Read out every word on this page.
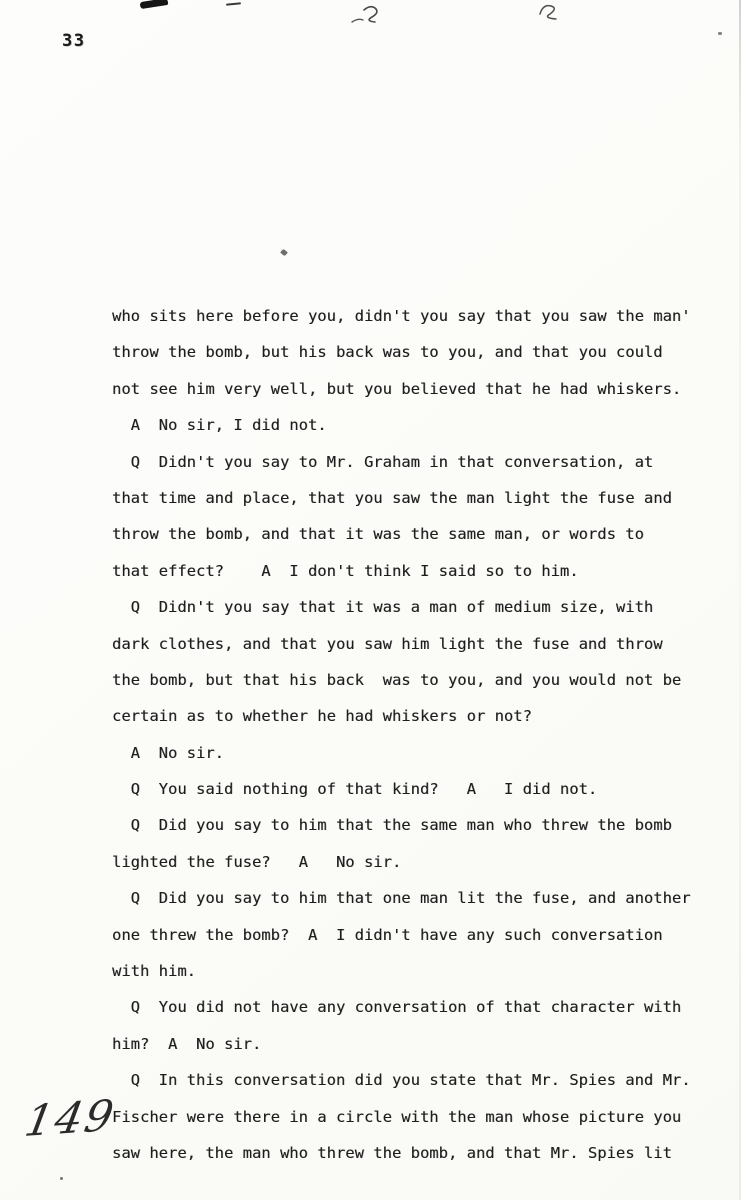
33
who sits here before you, didn't you say that you saw the man'
throw the bomb, but his back was to you, and that you could
not see him very well, but you believed that he had whiskers.
A  No sir, I did not.
Q  Didn't you say to Mr. Graham in that conversation, at
that time and place, that you saw the man light the fuse and
throw the bomb, and that it was the same man, or words to
that effect?    A  I don't think I said so to him.
Q  Didn't you say that it was a man of medium size, with
dark clothes, and that you saw him light the fuse and throw
the bomb, but that his back  was to you, and you would not be
certain as to whether he had whiskers or not?
A  No sir.
Q  You said nothing of that kind?   A   I did not.
Q  Did you say to him that the same man who threw the bomb
lighted the fuse?   A   No sir.
Q  Did you say to him that one man lit the fuse, and another
one threw the bomb?  A  I didn't have any such conversation
with him.
Q  You did not have any conversation of that character with
him?  A  No sir.
Q  In this conversation did you state that Mr. Spies and Mr.
Fischer were there in a circle with the man whose picture you
saw here, the man who threw the bomb, and that Mr. Spies lit
149
